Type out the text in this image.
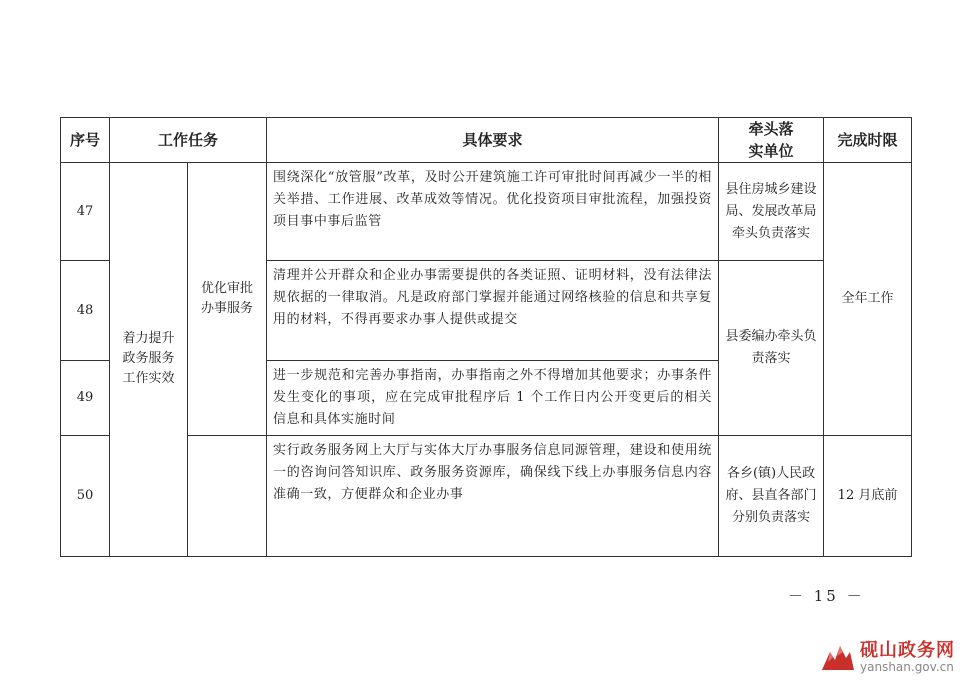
序号	工作任务		具体要求	牵头落实单位	完成时限
47	着力提升政务服务工作实效	优化审批办事服务	围绕深化“放管服”改革，及时公开建筑施工许可审批时间再减少一半的相关举措、工作进展、改革成效等情况。优化投资项目审批流程，加强投资项目事中事后监管	县住房城乡建设局、发展改革局牵头负责落实	全年工作
48			清理并公开群众和企业办事需要提供的各类证照、证明材料，没有法律法规依据的一律取消。凡是政府部门掌握并能通过网络核验的信息和共享复用的材料，不得再要求办事人提供或提交	县委编办牵头负责落实	
49			进一步规范和完善办事指南，办事指南之外不得增加其他要求；办事条件发生变化的事项，应在完成审批程序后 1 个工作日内公开变更后的相关信息和具体实施时间		
50			实行政务服务网上大厅与实体大厅办事服务信息同源管理，建设和使用统一的咨询问答知识库、政务服务资源库，确保线下线上办事服务信息内容准确一致，方便群众和企业办事	各乡(镇)人民政府、县直各部门分别负责落实	12 月底前
－ 15 －
砚山政务网
yanshan.gov.cn
